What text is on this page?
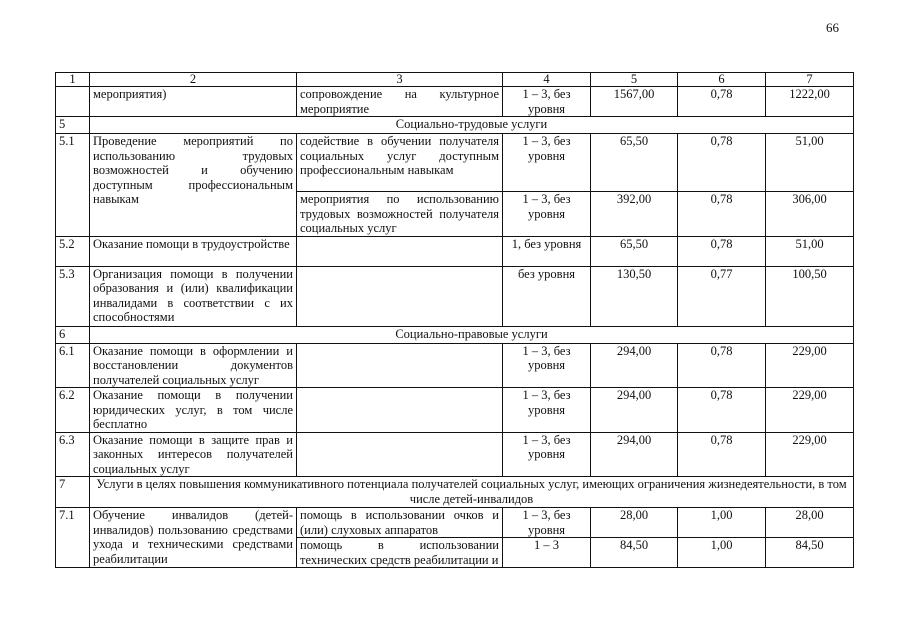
66
1	2	3	4	5	6	7
	мероприятия)	сопровождение на культурное мероприятие	1 – 3, без уровня	1567,00	0,78	1222,00
5	Социально-трудовые услуги					
5.1	Проведение мероприятий по использованию трудовых возможностей и обучению доступным профессиональным навыкам	содействие в обучении получателя социальных услуг доступным профессиональным навыкам	1 – 3, без уровня	65,50	0,78	51,00
		мероприятия по использованию трудовых возможностей получателя социальных услуг	1 – 3, без уровня	392,00	0,78	306,00
5.2	Оказание помощи в трудоустройстве		1, без уровня	65,50	0,78	51,00
5.3	Организация помощи в получении образования и (или) квалификации инвалидами в соответствии с их способностями		без уровня	130,50	0,77	100,50
6	Социально-правовые услуги					
6.1	Оказание помощи в оформлении и восстановлении документов получателей социальных услуг		1 – 3, без уровня	294,00	0,78	229,00
6.2	Оказание помощи в получении юридических услуг, в том числе бесплатно		1 – 3, без уровня	294,00	0,78	229,00
6.3	Оказание помощи в защите прав и законных интересов получателей социальных услуг		1 – 3, без уровня	294,00	0,78	229,00
7	Услуги в целях повышения коммуникативного потенциала получателей социальных услуг, имеющих ограничения жизнедеятельности, в том числе детей-инвалидов					
7.1	Обучение инвалидов (детей-инвалидов) пользованию средствами ухода и техническими средствами реабилитации	помощь в использовании очков и (или) слуховых аппаратов	1 – 3, без уровня	28,00	1,00	28,00
		помощь в использовании технических средств реабилитации и	1 – 3	84,50	1,00	84,50
